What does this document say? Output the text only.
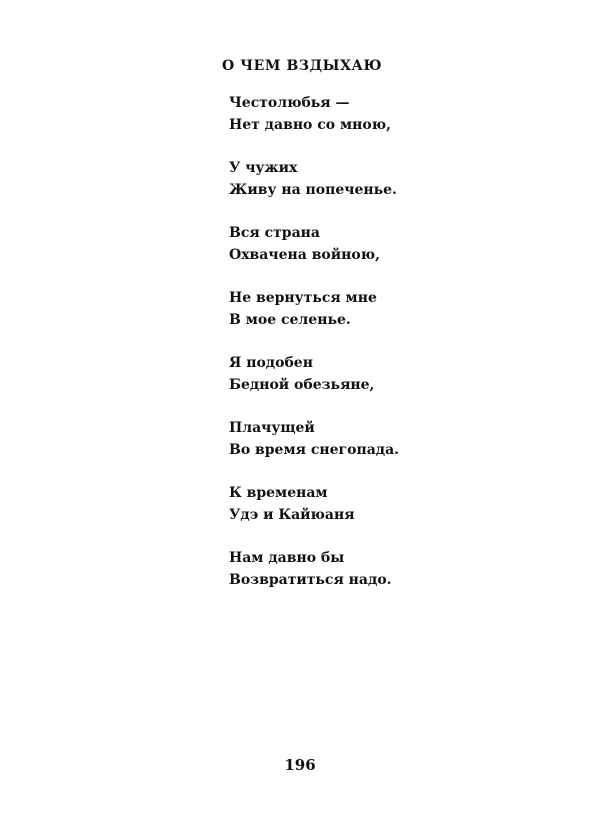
О ЧЕМ ВЗДЫХАЮ
Честолюбья —
Нет давно со мною,
У чужих
Живу на попеченье.
Вся страна
Охвачена войною,
Не вернуться мне
В мое селенье.
Я подобен
Бедной обезьяне,
Плачущей
Во время снегопада.
К временам
Удэ и Кайюаня
Нам давно бы
Возвратиться надо.

196
